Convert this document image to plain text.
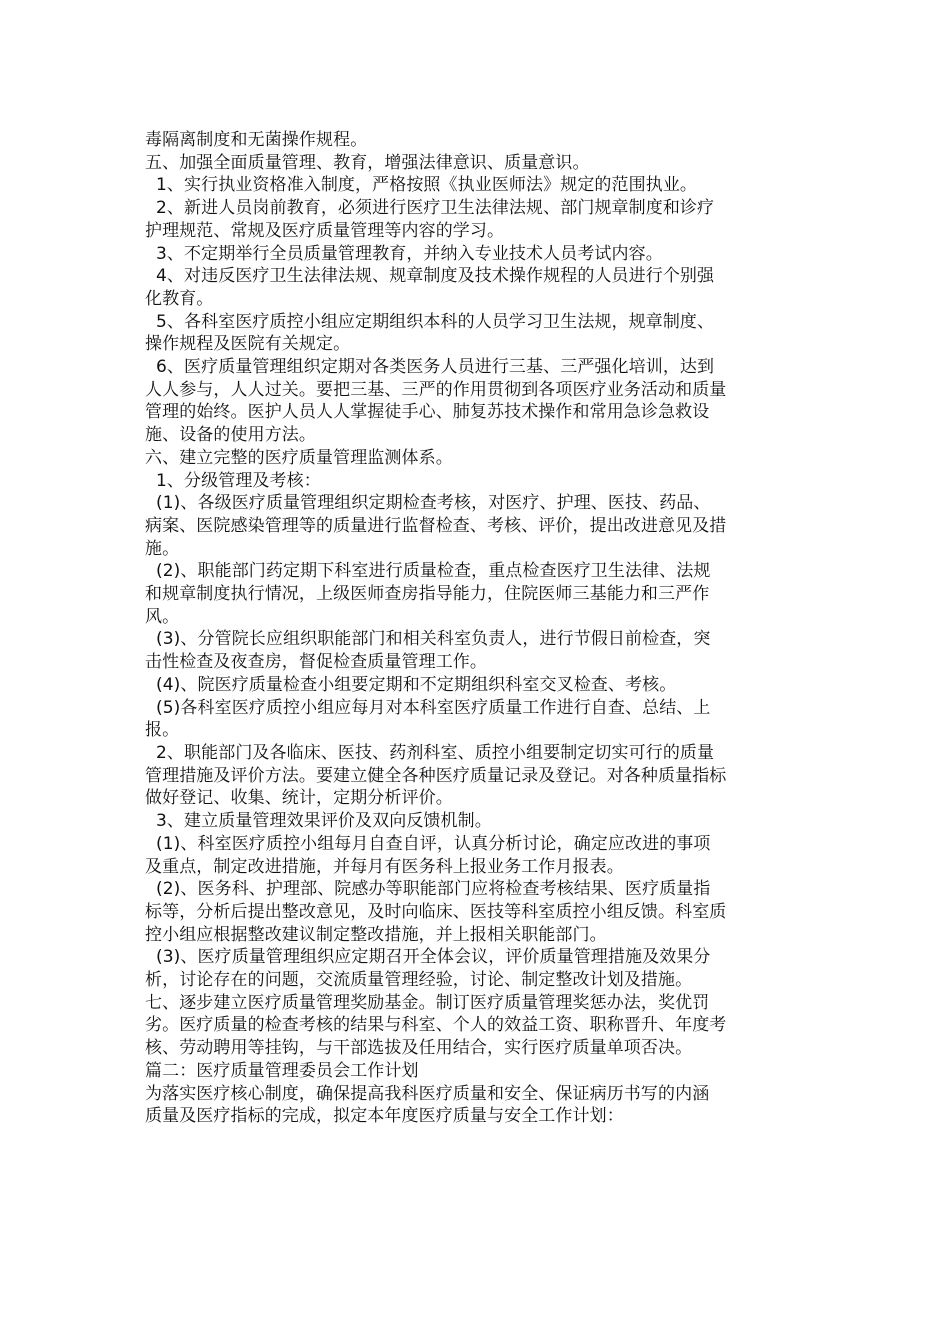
毒隔离制度和无菌操作规程。

五、加强全面质量管理、教育，增强法律意识、质量意识。

1、实行执业资格准入制度，严格按照《执业医师法》规定的范围执业。

2、新进人员岗前教育，必须进行医疗卫生法律法规、部门规章制度和诊疗

护理规范、常规及医疗质量管理等内容的学习。

3、不定期举行全员质量管理教育，并纳入专业技术人员考试内容。

4、对违反医疗卫生法律法规、规章制度及技术操作规程的人员进行个别强

化教育。

5、各科室医疗质控小组应定期组织本科的人员学习卫生法规，规章制度、

操作规程及医院有关规定。

6、医疗质量管理组织定期对各类医务人员进行三基、三严强化培训，达到

人人参与，人人过关。要把三基、三严的作用贯彻到各项医疗业务活动和质量

管理的始终。医护人员人人掌握徒手心、肺复苏技术操作和常用急诊急救设

施、设备的使用方法。

六、建立完整的医疗质量管理监测体系。

1、分级管理及考核：

(1)、各级医疗质量管理组织定期检查考核，对医疗、护理、医技、药品、

病案、医院感染管理等的质量进行监督检查、考核、评价，提出改进意见及措

施。

(2)、职能部门药定期下科室进行质量检查，重点检查医疗卫生法律、法规

和规章制度执行情况，上级医师查房指导能力，住院医师三基能力和三严作

风。

(3)、分管院长应组织职能部门和相关科室负责人，进行节假日前检查，突

击性检查及夜查房，督促检查质量管理工作。

(4)、院医疗质量检查小组要定期和不定期组织科室交叉检查、考核。

(5)各科室医疗质控小组应每月对本科室医疗质量工作进行自查、总结、上

报。

2、职能部门及各临床、医技、药剂科室、质控小组要制定切实可行的质量

管理措施及评价方法。要建立健全各种医疗质量记录及登记。对各种质量指标

做好登记、收集、统计，定期分析评价。

3、建立质量管理效果评价及双向反馈机制。

(1)、科室医疗质控小组每月自查自评，认真分析讨论，确定应改进的事项

及重点，制定改进措施，并每月有医务科上报业务工作月报表。

(2)、医务科、护理部、院感办等职能部门应将检查考核结果、医疗质量指

标等，分析后提出整改意见，及时向临床、医技等科室质控小组反馈。科室质

控小组应根据整改建议制定整改措施，并上报相关职能部门。

(3)、医疗质量管理组织应定期召开全体会议，评价质量管理措施及效果分

析，讨论存在的问题，交流质量管理经验，讨论、制定整改计划及措施。

七、逐步建立医疗质量管理奖励基金。制订医疗质量管理奖惩办法，奖优罚

劣。医疗质量的检查考核的结果与科室、个人的效益工资、职称晋升、年度考

核、劳动聘用等挂钩，与干部选拔及任用结合，实行医疗质量单项否决。

篇二：医疗质量管理委员会工作计划

为落实医疗核心制度，确保提高我科医疗质量和安全、保证病历书写的内涵

质量及医疗指标的完成，拟定本年度医疗质量与安全工作计划：
